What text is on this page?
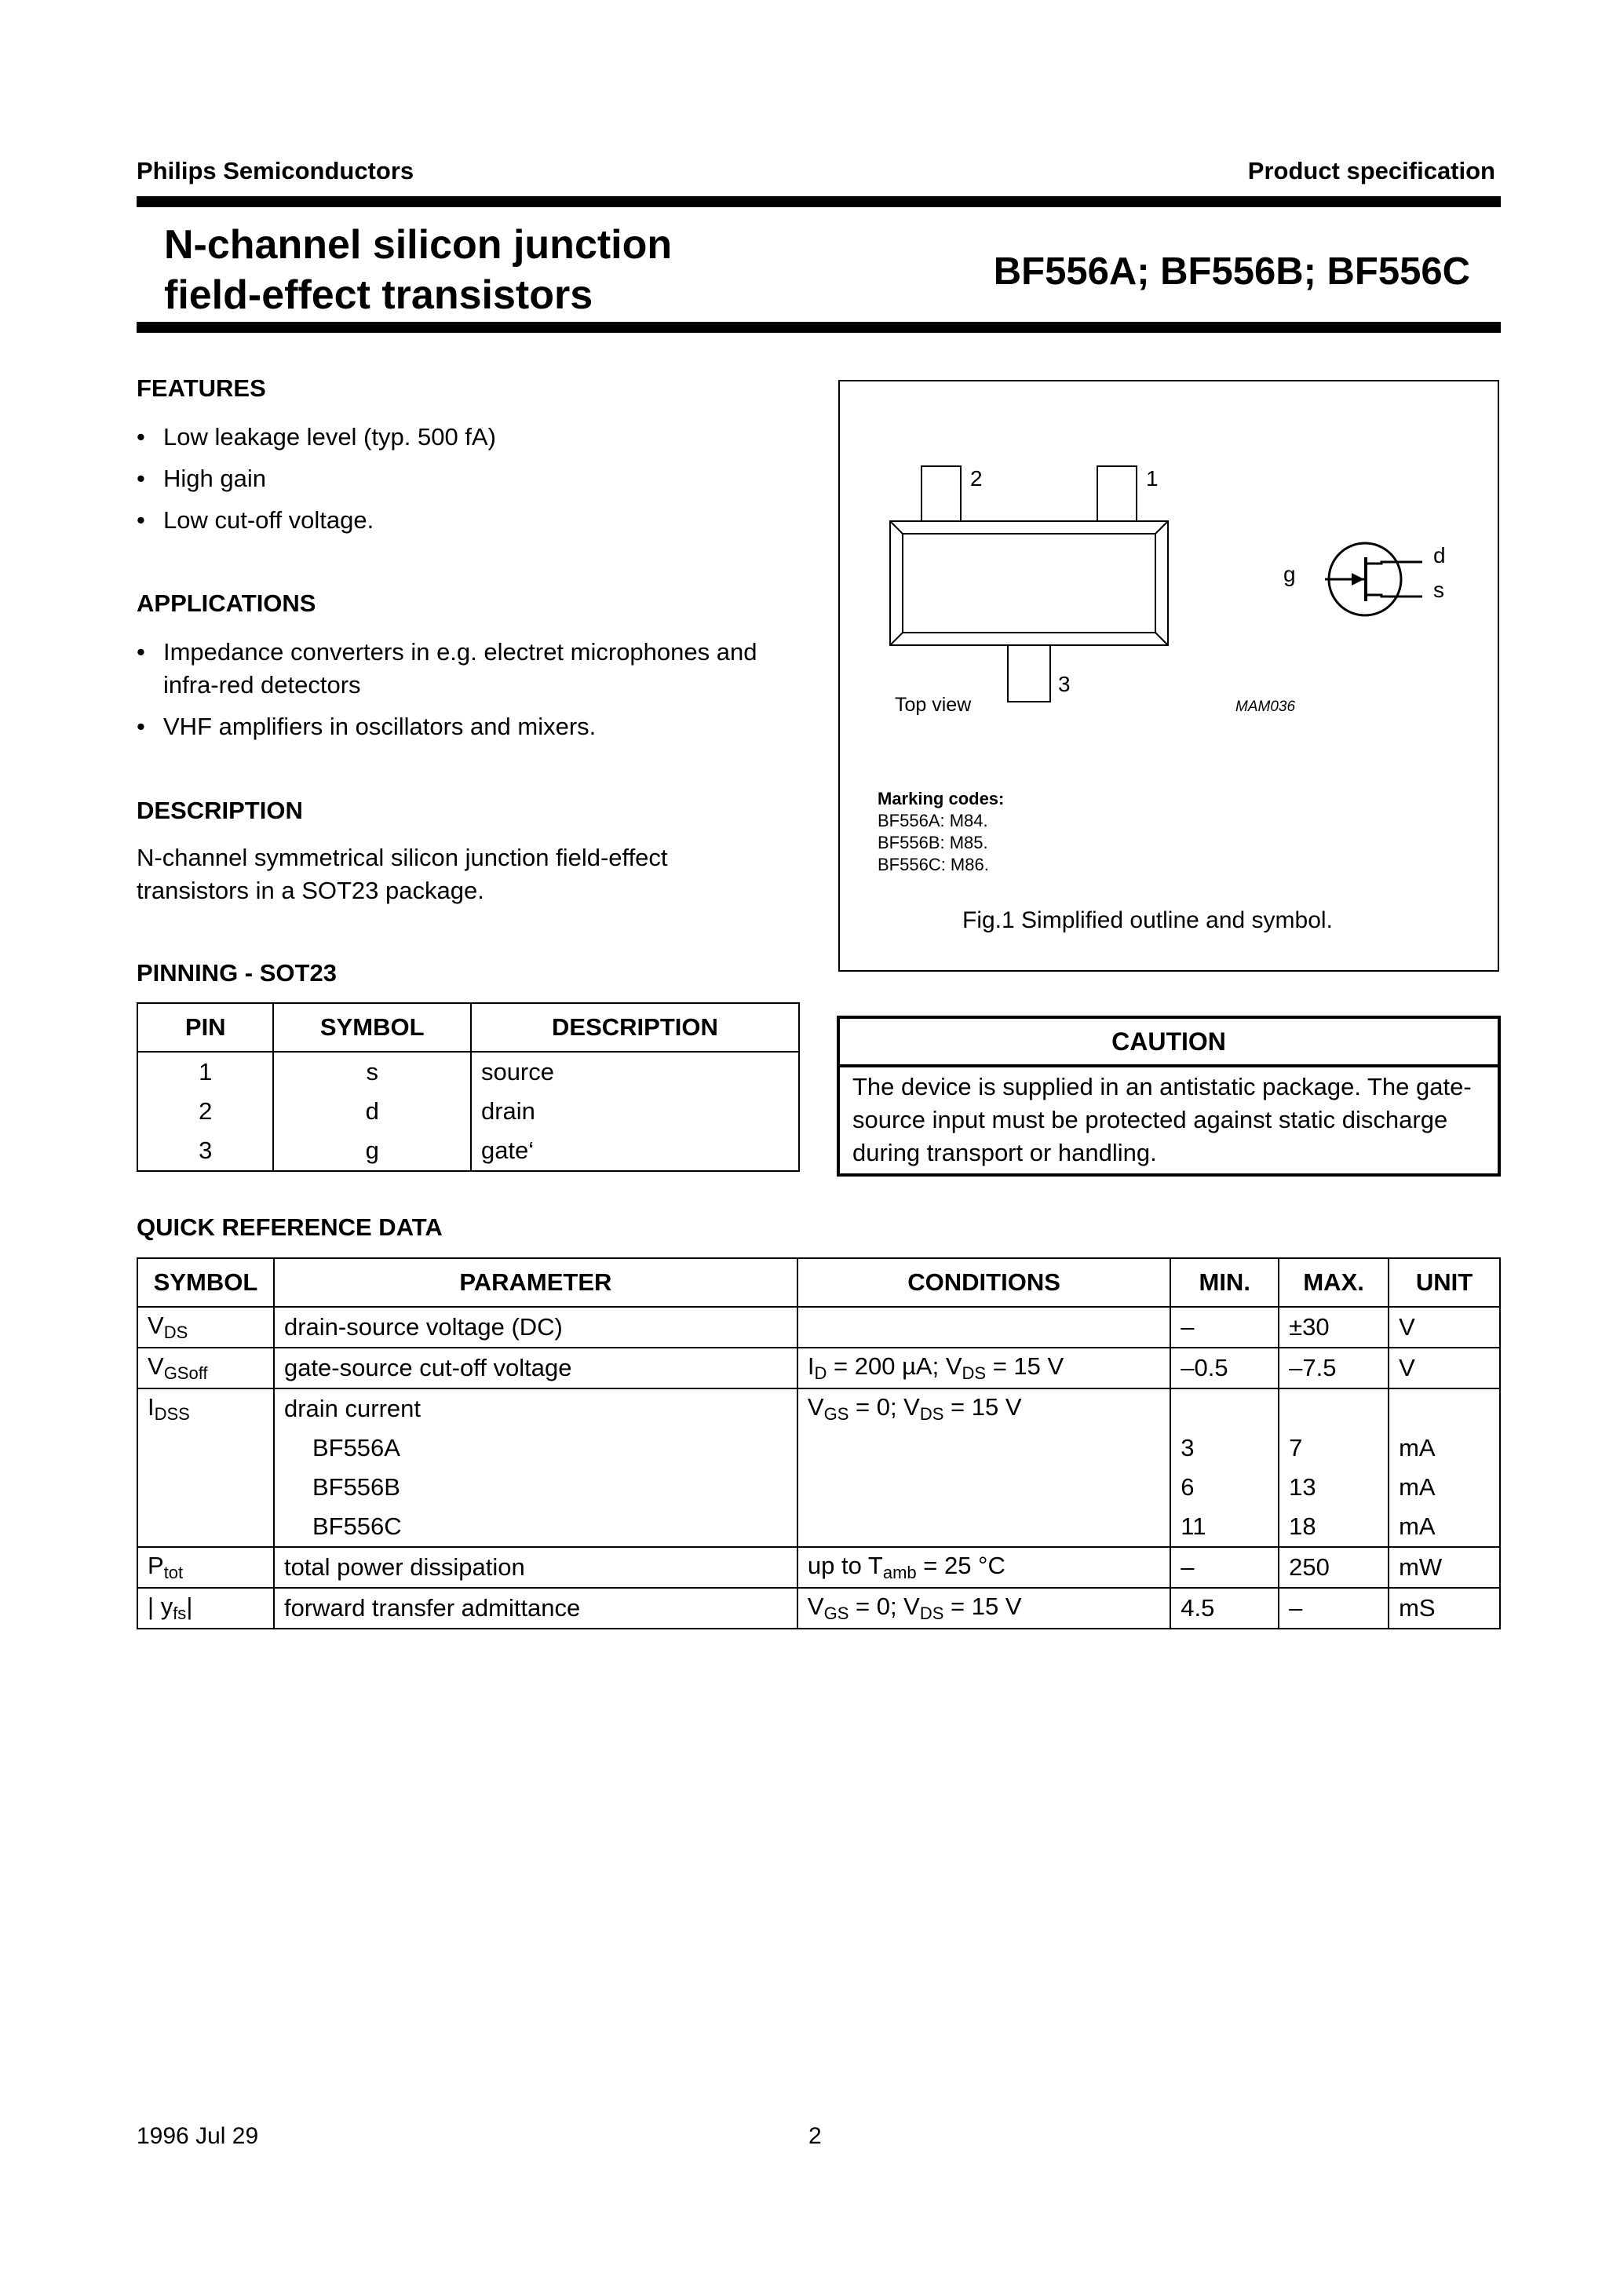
Philips Semiconductors	Product specification
N-channel silicon junction
field-effect transistors
BF556A; BF556B; BF556C
FEATURES
• Low leakage level (typ. 500 fA)
• High gain
• Low cut-off voltage.
APPLICATIONS
• Impedance converters in e.g. electret microphones and infra-red detectors
• VHF amplifiers in oscillators and mixers.
DESCRIPTION
N-channel symmetrical silicon junction field-effect transistors in a SOT23 package.
PINNING - SOT23
PIN	SYMBOL	DESCRIPTION
1	s	source
2	d	drain
3	g	gate‘
2	1
3
g
d
s
Top view	MAM036
Marking codes:
BF556A: M84.
BF556B: M85.
BF556C: M86.
Fig.1 Simplified outline and symbol.
CAUTION
The device is supplied in an antistatic package. The gate-source input must be protected against static discharge during transport or handling.
QUICK REFERENCE DATA
SYMBOL	PARAMETER	CONDITIONS	MIN.	MAX.	UNIT
$V_{DS}$	drain-source voltage (DC)		–	±30	V
$V_{GSoff}$	gate-source cut-off voltage	$I_D = 200$ µA; $V_{DS} = 15$ V	–0.5	–7.5	V
$I_{DSS}$	drain current	$V_{GS} = 0$; $V_{DS} = 15$ V			
	BF556A		3	7	mA
	BF556B		6	13	mA
	BF556C		11	18	mA
$P_{tot}$	total power dissipation	up to $T_{amb} = 25$ °C	–	250	mW
| $y_{fs}|$	forward transfer admittance	$V_{GS} = 0$; $V_{DS} = 15$ V	4.5	–	mS
1996 Jul 29	2
